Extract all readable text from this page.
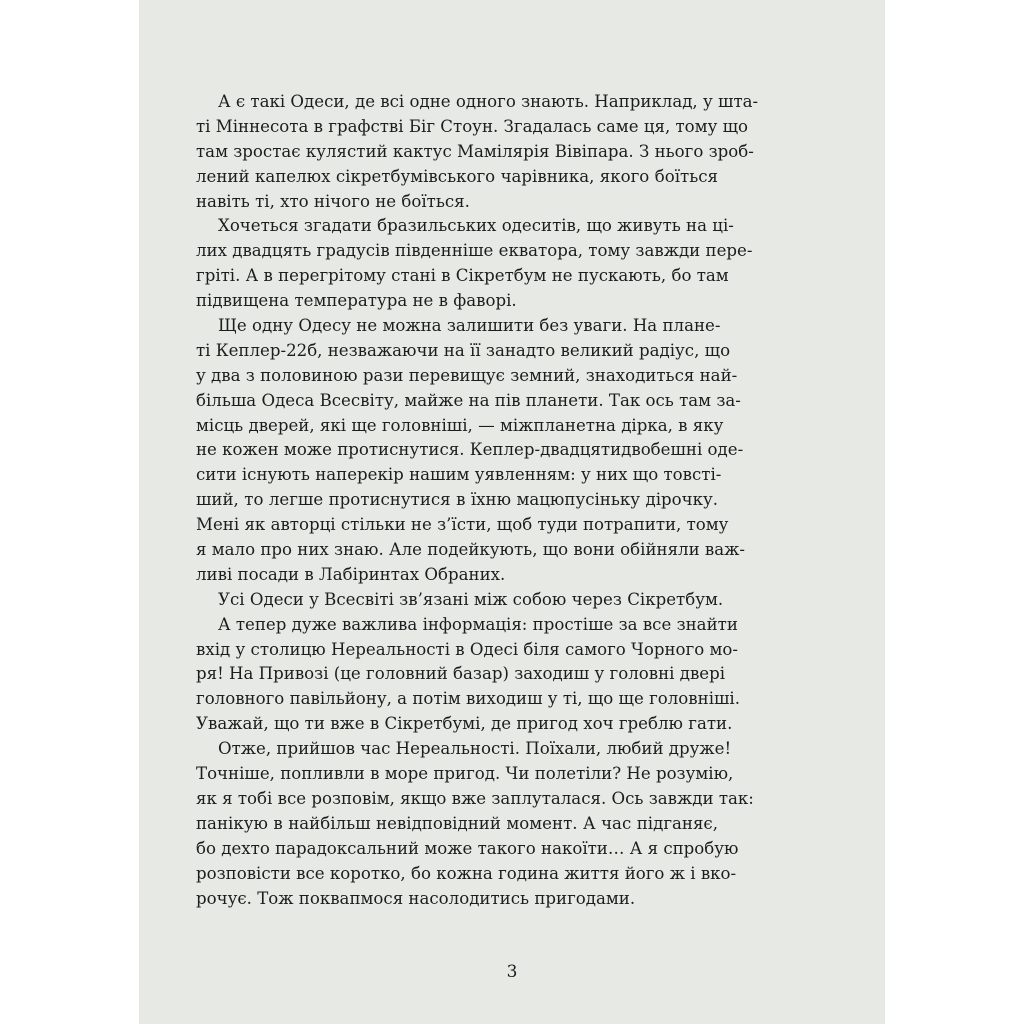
А є такі Одеси, де всі одне одного знають. Наприклад, у шта-
ті Міннесота в графстві Біг Стоун. Згадалась саме ця, тому що
там зростає кулястий кактус Мамілярія Вівіпара. З нього зроб-
лений капелюх сікретбумівського чарівника, якого боїться
навіть ті, хто нічого не боїться.
Хочеться згадати бразильських одеситів, що живуть на ці-
лих двадцять градусів південніше екватора, тому завжди пере-
гріті. А в перегрітому стані в Сікретбум не пускають, бо там
підвищена температура не в фаворі.
Ще одну Одесу не можна залишити без уваги. На плане-
ті Кеплер-22б, незважаючи на її занадто великий радіус, що
у два з половиною рази перевищує земний, знаходиться най-
більша Одеса Всесвіту, майже на пів планети. Так ось там за-
місць дверей, які ще головніші, — міжпланетна дірка, в яку
не кожен може протиснутися. Кеплер-двадцятидвобешні оде-
сити існують наперекір нашим уявленням: у них що товсті-
ший, то легше протиснутися в їхню мацюпусіньку дірочку.
Мені як авторці стільки не з’їсти, щоб туди потрапити, тому
я мало про них знаю. Але подейкують, що вони обійняли важ-
ливі посади в Лабіринтах Обраних.
Усі Одеси у Всесвіті зв’язані між собою через Сікретбум.
А тепер дуже важлива інформація: простіше за все знайти
вхід у столицю Нереальності в Одесі біля самого Чорного мо-
ря! На Привозі (це головний базар) заходиш у головні двері
головного павільйону, а потім виходиш у ті, що ще головніші.
Уважай, що ти вже в Сікретбумі, де пригод хоч греблю гати.
Отже, прийшов час Нереальності. Поїхали, любий друже!
Точніше, попливли в море пригод. Чи полетіли? Не розумію,
як я тобі все розповім, якщо вже заплуталася. Ось завжди так:
панікую в найбільш невідповідний момент. А час підганяє,
бо дехто парадоксальний може такого накоїти… А я спробую
розповісти все коротко, бо кожна година життя його ж і вко-
рочує. Тож поквапмося насолодитись пригодами.
3
